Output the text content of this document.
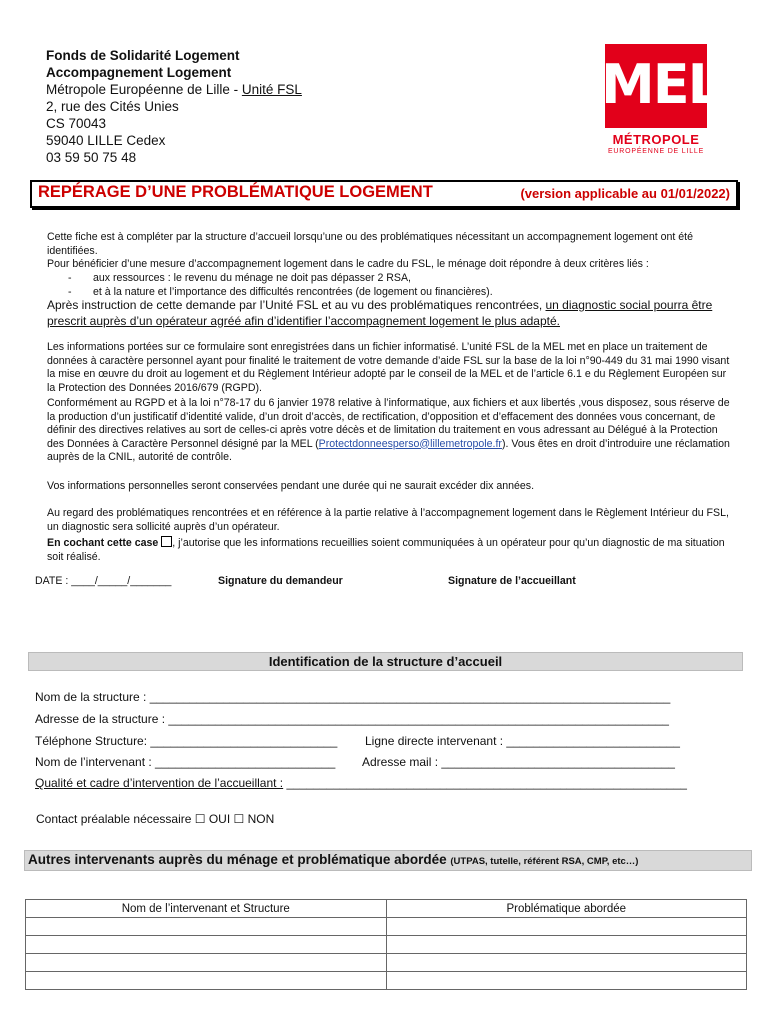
Fonds de Solidarité Logement
Accompagnement Logement
Métropole Européenne de Lille - Unité FSL
2, rue des Cités Unies
CS 70043
59040 LILLE Cedex
03 59 50 75 48
MEL
MÉTROPOLE
EUROPÉENNE DE LILLE
REPÉRAGE D’UNE PROBLÉMATIQUE LOGEMENT	(version applicable au 01/01/2022)
Cette fiche est à compléter par la structure d’accueil lorsqu’une ou des problématiques nécessitant un accompagnement logement ont été identifiées.
Pour bénéficier d’une mesure d’accompagnement logement dans le cadre du FSL, le ménage doit répondre à deux critères liés :
- aux ressources : le revenu du ménage ne doit pas dépasser 2 RSA,
- et à la nature et l’importance des difficultés rencontrées (de logement ou financières).
Après instruction de cette demande par l’Unité FSL et au vu des problématiques rencontrées, un diagnostic social pourra être prescrit auprès d’un opérateur agréé afin d’identifier l’accompagnement logement le plus adapté.
Les informations portées sur ce formulaire sont enregistrées dans un fichier informatisé. L’unité FSL de la MEL met en place un traitement de données à caractère personnel ayant pour finalité le traitement de votre demande d’aide FSL sur la base de la loi n°90-449 du 31 mai 1990 visant la mise en œuvre du droit au logement et du Règlement Intérieur adopté par le conseil de la MEL et de l’article 6.1 e du Règlement Européen sur la Protection des Données 2016/679 (RGPD).
Conformément au RGPD et à la loi n°78-17 du 6 janvier 1978 relative à l’informatique, aux fichiers et aux libertés ,vous disposez, sous réserve de la production d’un justificatif d’identité valide, d’un droit d’accès, de rectification, d’opposition et d’effacement des données vous concernant, de définir des directives relatives au sort de celles-ci après votre décès et de limitation du traitement en vous adressant au Délégué à la Protection des Données à Caractère Personnel désigné par la MEL (Protectdonneesperso@lillemetropole.fr). Vous êtes en droit d’introduire une réclamation auprès de la CNIL, autorité de contrôle.
Vos informations personnelles seront conservées pendant une durée qui ne saurait excéder dix années.
Au regard des problématiques rencontrées et en référence à la partie relative à l’accompagnement logement dans le Règlement Intérieur du FSL, un diagnostic sera sollicité auprès d’un opérateur.
En cochant cette case , j’autorise que les informations recueillies soient communiquées à un opérateur pour qu’un diagnostic de ma situation soit réalisé.
DATE : ____/_____/_______	Signature du demandeur	Signature de l’accueillant
Identification de la structure d’accueil
Nom de la structure : ______________________________________________________________________________
Adresse de la structure : ___________________________________________________________________________
Téléphone Structure: ____________________________ Ligne directe intervenant : __________________________
Nom de l’intervenant : ___________________________ Adresse mail : ___________________________________
Qualité et cadre d’intervention de l’accueillant : ____________________________________________________________
Contact préalable nécessaire ☐ OUI ☐ NON
Autres intervenants auprès du ménage et problématique abordée (UTPAS, tutelle, référent RSA, CMP, etc…)
Nom de l’intervenant et Structure	Problématique abordée
